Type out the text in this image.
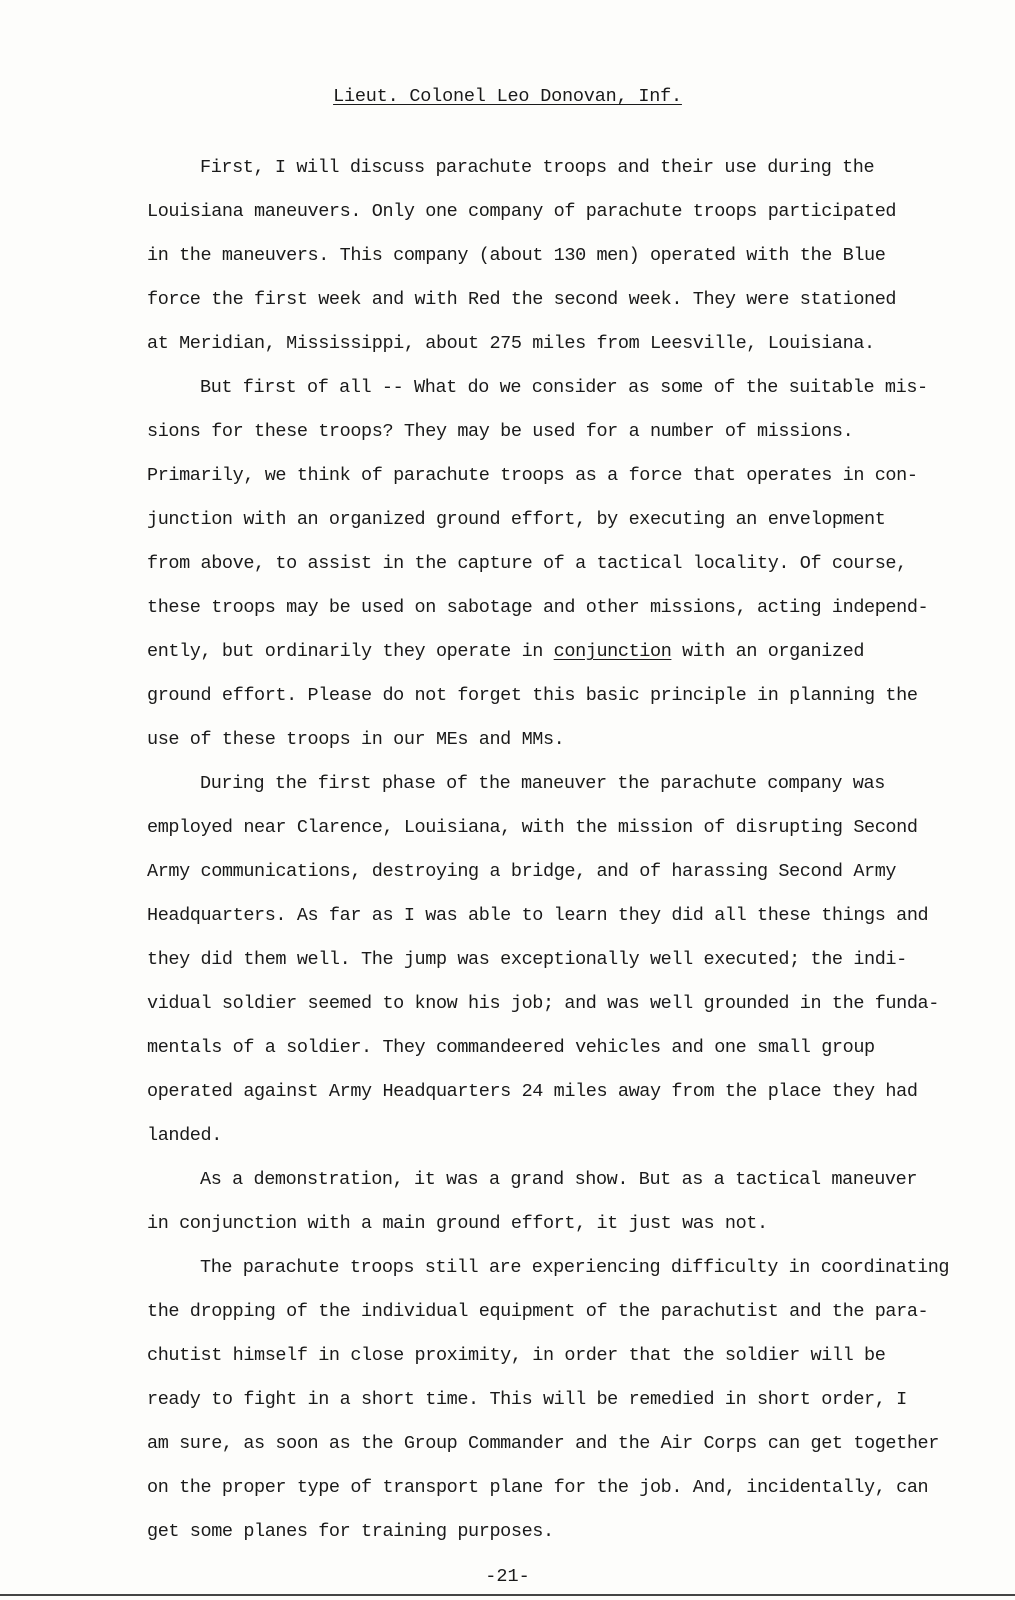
Lieut. Colonel Leo Donovan, Inf.
First, I will discuss parachute troops and their use during the
Louisiana maneuvers. Only one company of parachute troops participated
in the maneuvers. This company (about 130 men) operated with the Blue
force the first week and with Red the second week. They were stationed
at Meridian, Mississippi, about 275 miles from Leesville, Louisiana.
But first of all -- What do we consider as some of the suitable mis-
sions for these troops? They may be used for a number of missions.
Primarily, we think of parachute troops as a force that operates in con-
junction with an organized ground effort, by executing an envelopment
from above, to assist in the capture of a tactical locality. Of course,
these troops may be used on sabotage and other missions, acting independ-
ently, but ordinarily they operate in conjunction with an organized
ground effort. Please do not forget this basic principle in planning the
use of these troops in our MEs and MMs.
During the first phase of the maneuver the parachute company was
employed near Clarence, Louisiana, with the mission of disrupting Second
Army communications, destroying a bridge, and of harassing Second Army
Headquarters. As far as I was able to learn they did all these things and
they did them well. The jump was exceptionally well executed; the indi-
vidual soldier seemed to know his job; and was well grounded in the funda-
mentals of a soldier. They commandeered vehicles and one small group
operated against Army Headquarters 24 miles away from the place they had
landed.
As a demonstration, it was a grand show. But as a tactical maneuver
in conjunction with a main ground effort, it just was not.
The parachute troops still are experiencing difficulty in coordinating
the dropping of the individual equipment of the parachutist and the para-
chutist himself in close proximity, in order that the soldier will be
ready to fight in a short time. This will be remedied in short order, I
am sure, as soon as the Group Commander and the Air Corps can get together
on the proper type of transport plane for the job. And, incidentally, can
get some planes for training purposes.
-21-
